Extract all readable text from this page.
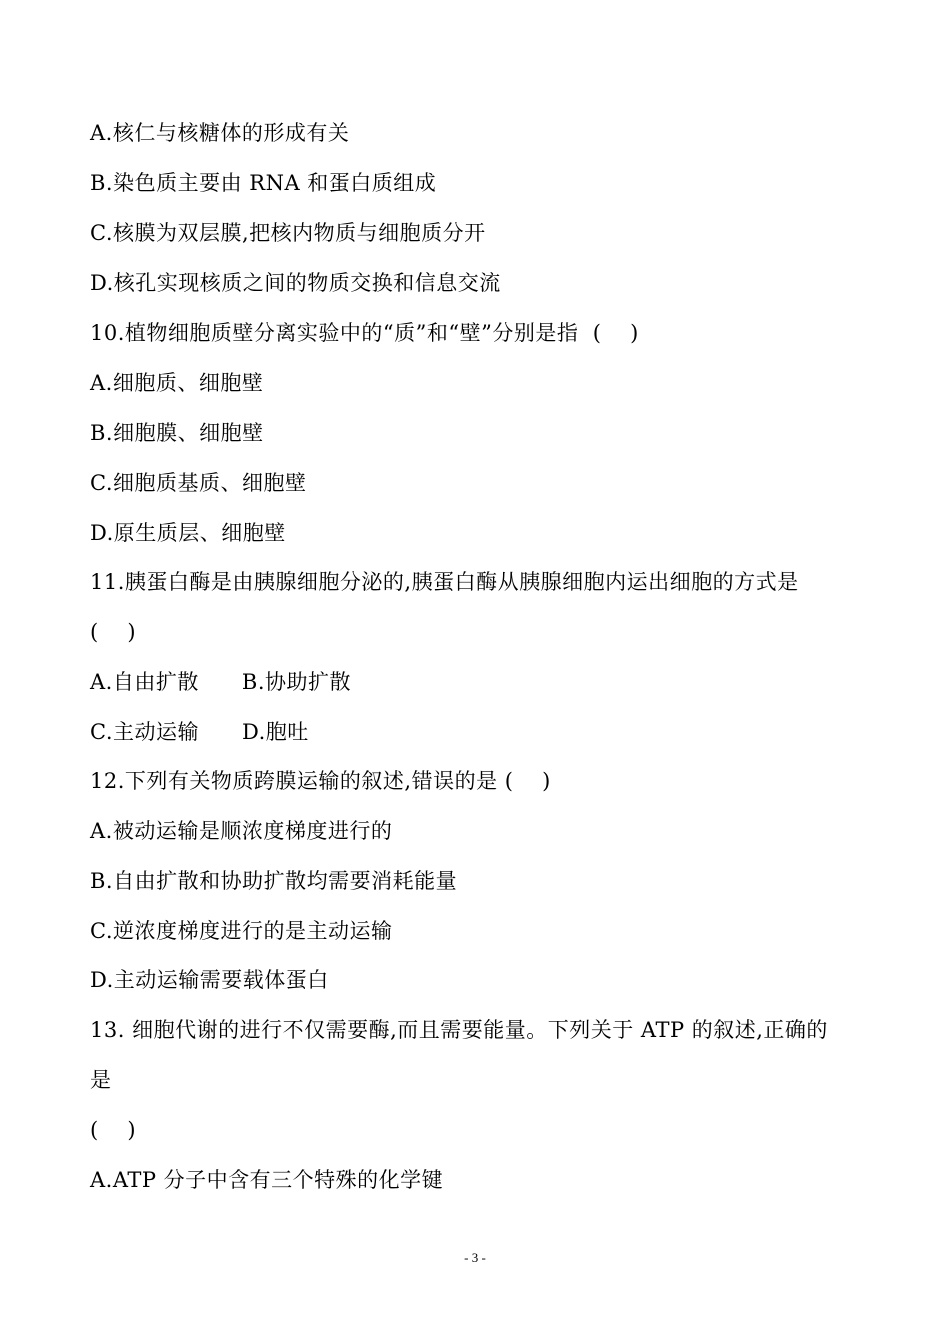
A.核仁与核糖体的形成有关
B.染色质主要由 RNA 和蛋白质组成
C.核膜为双层膜,把核内物质与细胞质分开
D.核孔实现核质之间的物质交换和信息交流
10.植物细胞质壁分离实验中的“质”和“壁”分别是指  (    )
A.细胞质、细胞壁
B.细胞膜、细胞壁
C.细胞质基质、细胞壁
D.原生质层、细胞壁
11.胰蛋白酶是由胰腺细胞分泌的,胰蛋白酶从胰腺细胞内运出细胞的方式是
(    )
A.自由扩散      B.协助扩散
C.主动运输      D.胞吐
12.下列有关物质跨膜运输的叙述,错误的是 (    )
A.被动运输是顺浓度梯度进行的
B.自由扩散和协助扩散均需要消耗能量
C.逆浓度梯度进行的是主动运输
D.主动运输需要载体蛋白
13. 细胞代谢的进行不仅需要酶,而且需要能量。下列关于 ATP 的叙述,正确的
是
(    )
A.ATP 分子中含有三个特殊的化学键
- 3 -
